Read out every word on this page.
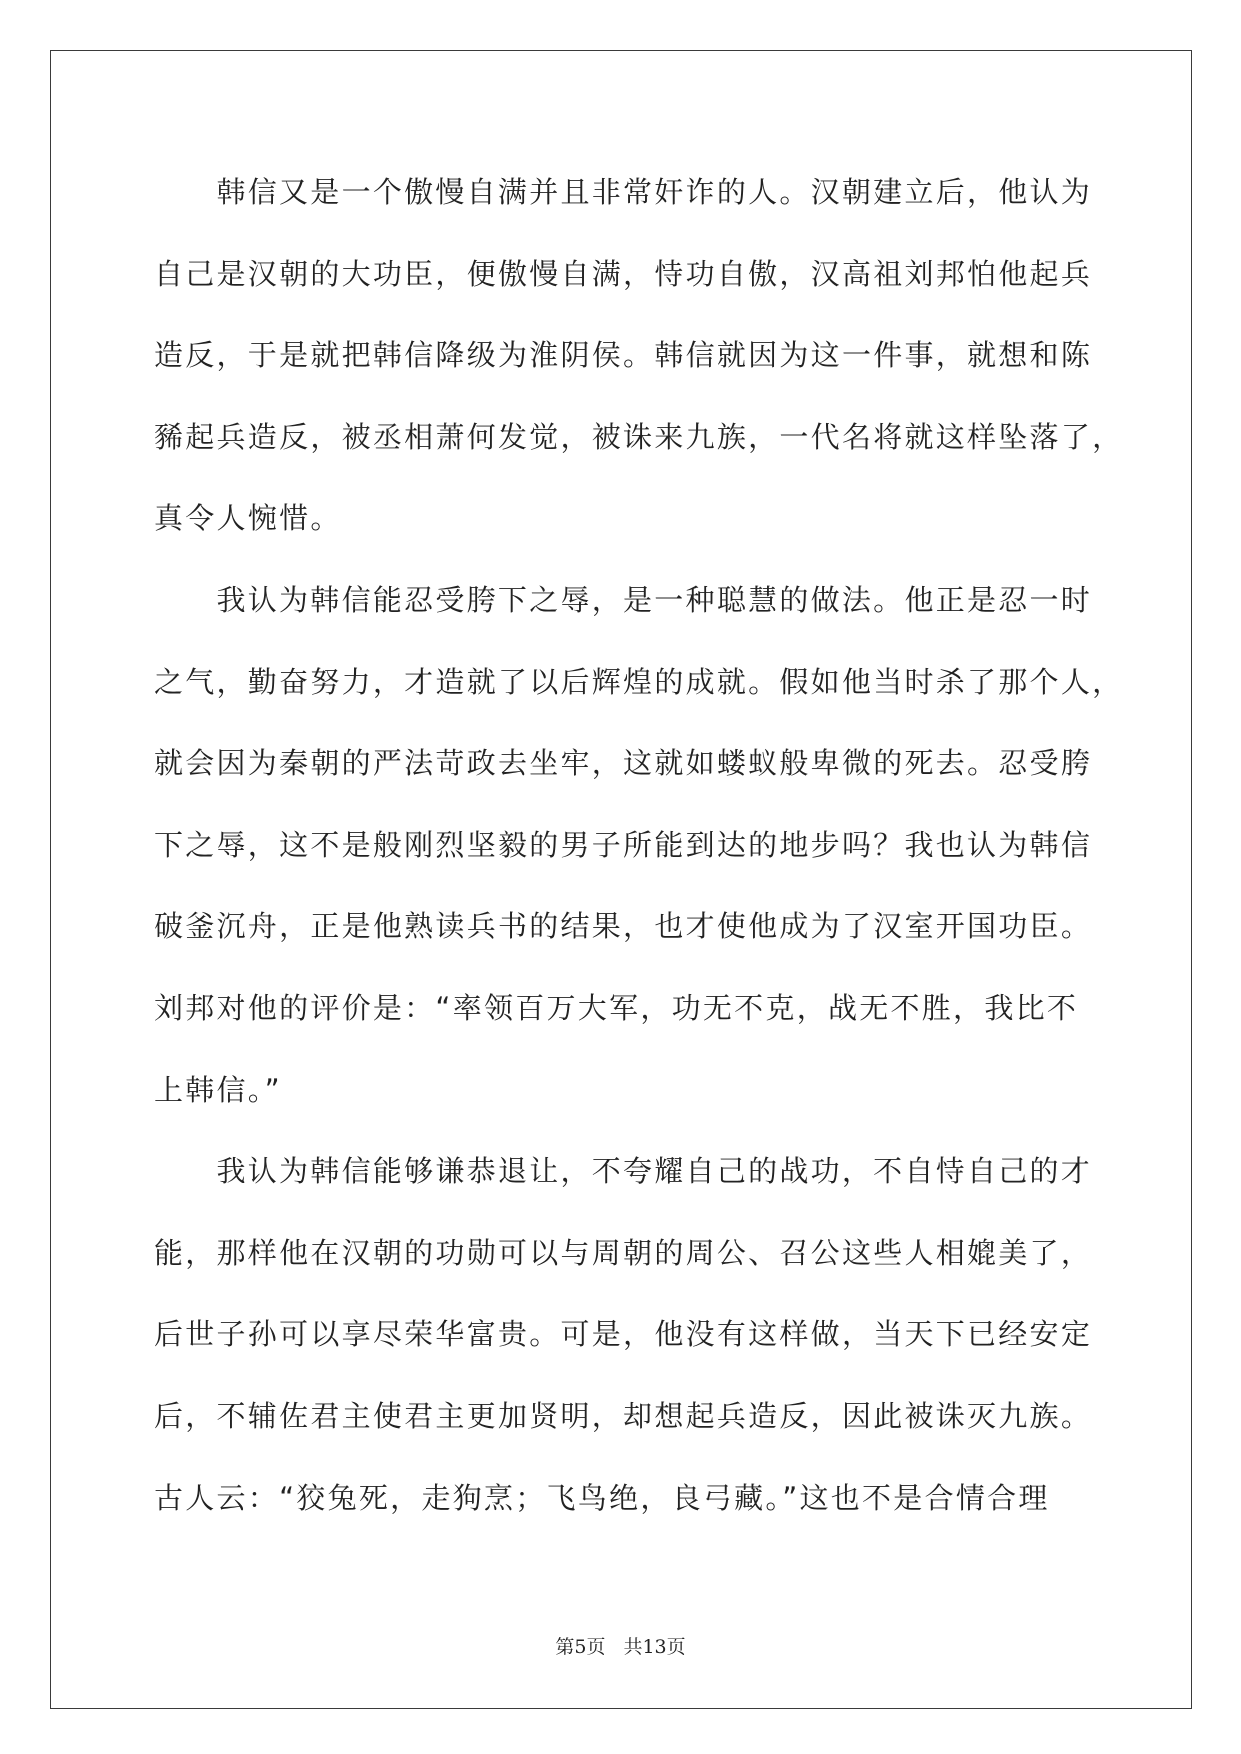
韩信又是一个傲慢自满并且非常奸诈的人。汉朝建立后，他认为
自己是汉朝的大功臣，便傲慢自满，恃功自傲，汉高祖刘邦怕他起兵
造反，于是就把韩信降级为淮阴侯。韩信就因为这一件事，就想和陈
豨起兵造反，被丞相萧何发觉，被诛来九族，一代名将就这样坠落了，
真令人惋惜。
我认为韩信能忍受胯下之辱，是一种聪慧的做法。他正是忍一时
之气，勤奋努力，才造就了以后辉煌的成就。假如他当时杀了那个人，
就会因为秦朝的严法苛政去坐牢，这就如蝼蚁般卑微的死去。忍受胯
下之辱，这不是般刚烈坚毅的男子所能到达的地步吗？我也认为韩信
破釜沉舟，正是他熟读兵书的结果，也才使他成为了汉室开国功臣。
刘邦对他的评价是：“率领百万大军，功无不克，战无不胜，我比不
上韩信。”
我认为韩信能够谦恭退让，不夸耀自己的战功，不自恃自己的才
能，那样他在汉朝的功勋可以与周朝的周公、召公这些人相媲美了，
后世子孙可以享尽荣华富贵。可是，他没有这样做，当天下已经安定
后，不辅佐君主使君主更加贤明，却想起兵造反，因此被诛灭九族。
古人云：“狡兔死，走狗烹；飞鸟绝，良弓藏。”这也不是合情合理
第5页 共13页
